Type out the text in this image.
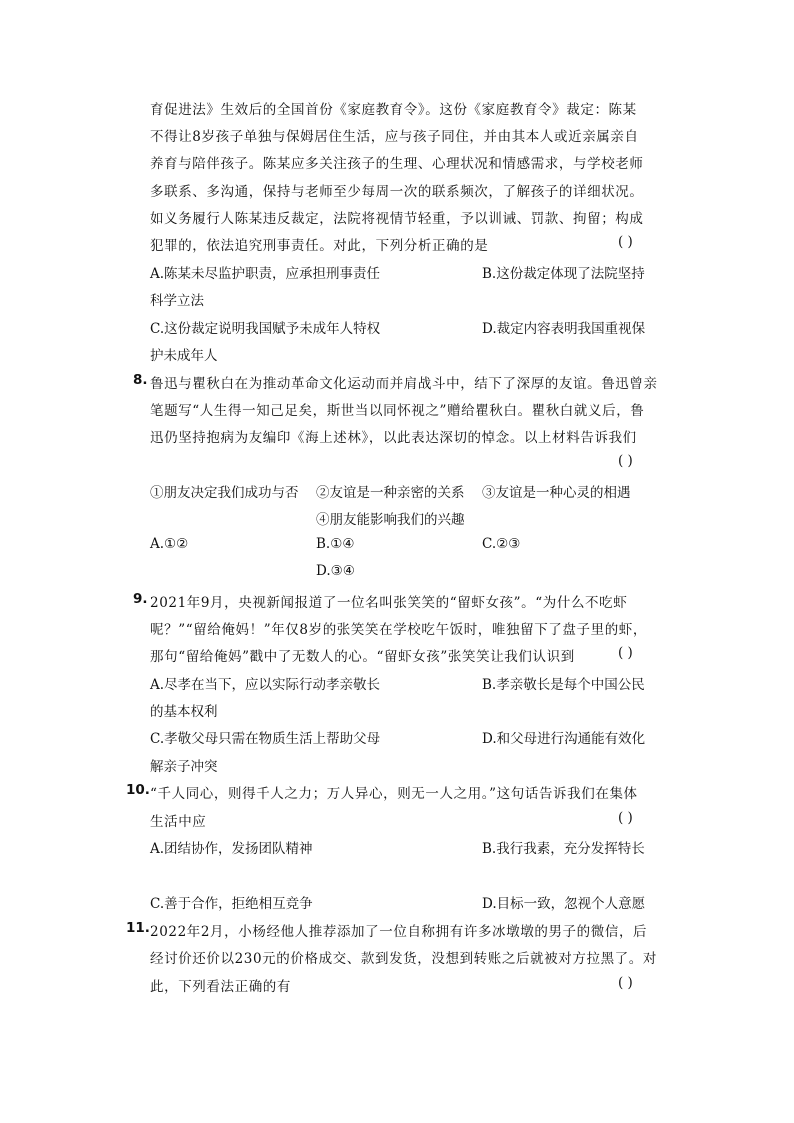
育促进法》生效后的全国首份《家庭教育令》。这份《家庭教育令》裁定：陈某
不得让8岁孩子单独与保姆居住生活，应与孩子同住，并由其本人或近亲属亲自
养育与陪伴孩子。陈某应多关注孩子的生理、心理状况和情感需求，与学校老师
多联系、多沟通，保持与老师至少每周一次的联系频次，了解孩子的详细状况。
如义务履行人陈某违反裁定，法院将视情节轻重，予以训诫、罚款、拘留；构成
犯罪的，依法追究刑事责任。对此，下列分析正确的是	( )
A.陈某未尽监护职责，应承担刑事责任	B.这份裁定体现了法院坚持
科学立法
C.这份裁定说明我国赋予未成年人特权	D.裁定内容表明我国重视保
护未成年人
8. 鲁迅与瞿秋白在为推动革命文化运动而并肩战斗中，结下了深厚的友谊。鲁迅曾亲
笔题写“人生得一知己足矣，斯世当以同怀视之”赠给瞿秋白。瞿秋白就义后，鲁
迅仍坚持抱病为友编印《海上述林》，以此表达深切的悼念。以上材料告诉我们
( )
①朋友决定我们成功与否 ②友谊是一种亲密的关系 ③友谊是一种心灵的相遇
④朋友能影响我们的兴趣
A.①②	B.①④	C.②③
D.③④
9. 2021年9月，央视新闻报道了一位名叫张笑笑的“留虾女孩”。“为什么不吃虾
呢？”“留给俺妈！”年仅8岁的张笑笑在学校吃午饭时，唯独留下了盘子里的虾，
那句“留给俺妈”戳中了无数人的心。“留虾女孩”张笑笑让我们认识到	( )
A.尽孝在当下，应以实际行动孝亲敬长	B.孝亲敬长是每个中国公民
的基本权利
C.孝敬父母只需在物质生活上帮助父母	D.和父母进行沟通能有效化
解亲子冲突
10. “千人同心，则得千人之力；万人异心，则无一人之用。”这句话告诉我们在集体
生活中应	( )
A.团结协作，发扬团队精神	B.我行我素，充分发挥特长
C.善于合作，拒绝相互竞争	D.目标一致，忽视个人意愿
11. 2022年2月，小杨经他人推荐添加了一位自称拥有许多冰墩墩的男子的微信，后
经讨价还价以230元的价格成交、款到发货，没想到转账之后就被对方拉黑了。对
此，下列看法正确的有	( )
